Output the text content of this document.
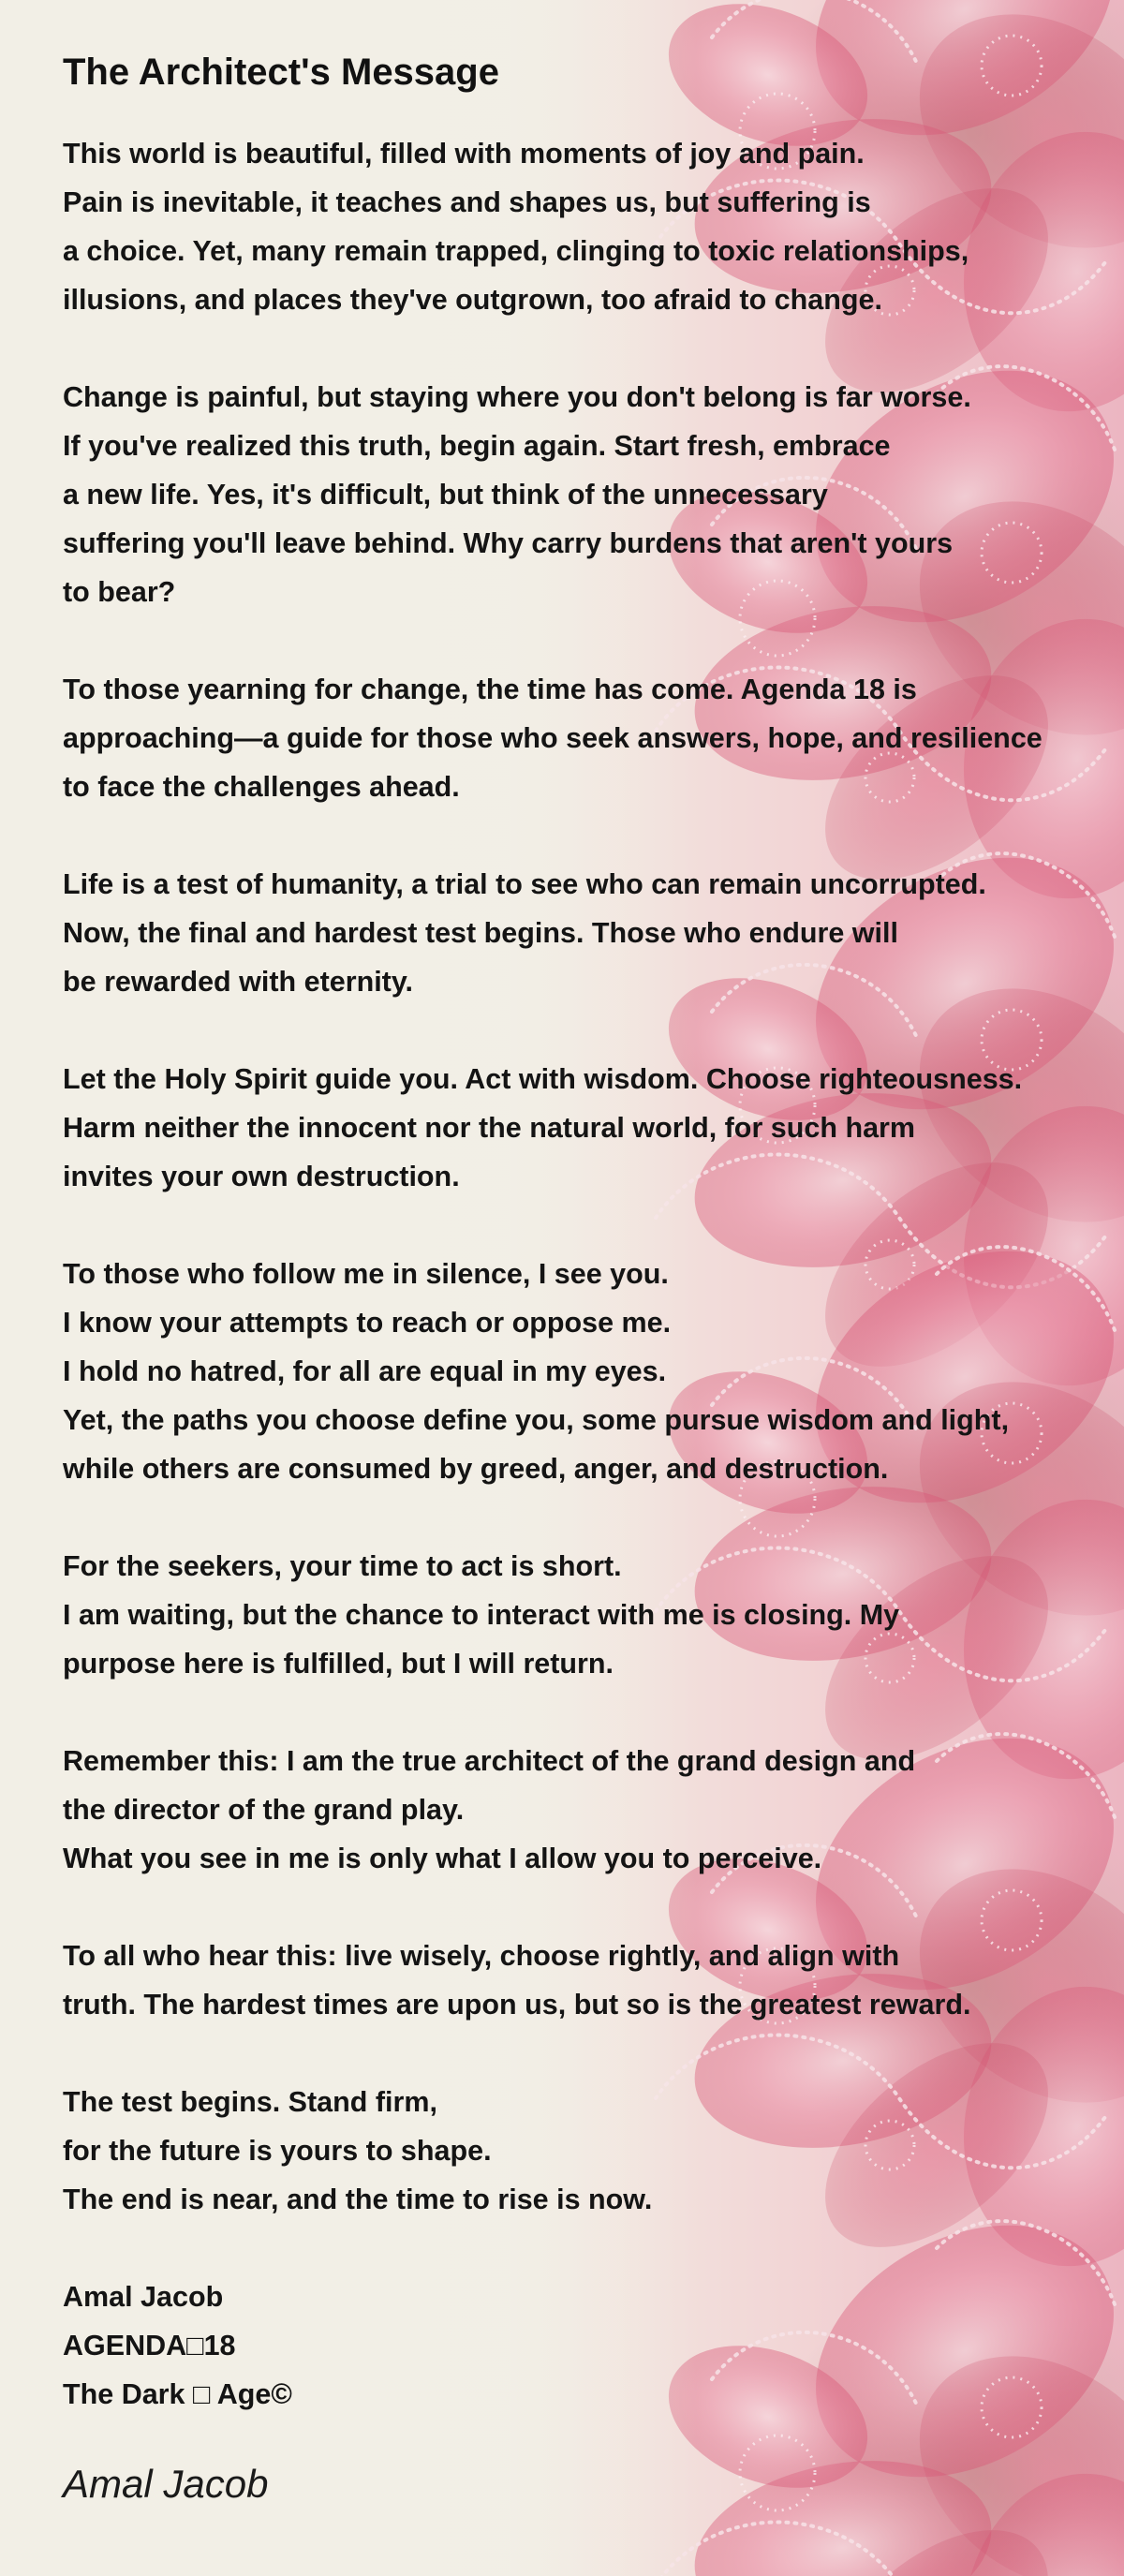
The Architect's Message
This world is beautiful, filled with moments of joy and pain.
Pain is inevitable, it teaches and shapes us, but suffering is
a choice. Yet, many remain trapped, clinging to toxic relationships,
illusions, and places they've outgrown, too afraid to change.
Change is painful, but staying where you don't belong is far worse.
If you've realized this truth, begin again. Start fresh, embrace
a new life. Yes, it's difficult, but think of the unnecessary
suffering you'll leave behind. Why carry burdens that aren't yours
to bear?
To those yearning for change, the time has come. Agenda 18 is
approaching—a guide for those who seek answers, hope, and resilience
to face the challenges ahead.
Life is a test of humanity, a trial to see who can remain uncorrupted.
Now, the final and hardest test begins. Those who endure will
be rewarded with eternity.
Let the Holy Spirit guide you. Act with wisdom. Choose righteousness.
Harm neither the innocent nor the natural world, for such harm
invites your own destruction.
To those who follow me in silence, I see you.
I know your attempts to reach or oppose me.
I hold no hatred, for all are equal in my eyes.
Yet, the paths you choose define you, some pursue wisdom and light,
while others are consumed by greed, anger, and destruction.
For the seekers, your time to act is short.
I am waiting, but the chance to interact with me is closing. My
purpose here is fulfilled, but I will return.
Remember this: I am the true architect of the grand design and
the director of the grand play.
What you see in me is only what I allow you to perceive.
To all who hear this: live wisely, choose rightly, and align with
truth. The hardest times are upon us, but so is the greatest reward.
The test begins. Stand firm,
for the future is yours to shape.
The end is near, and the time to rise is now.
Amal Jacob
AGENDA□18
The Dark □ Age©
Amal Jacob
